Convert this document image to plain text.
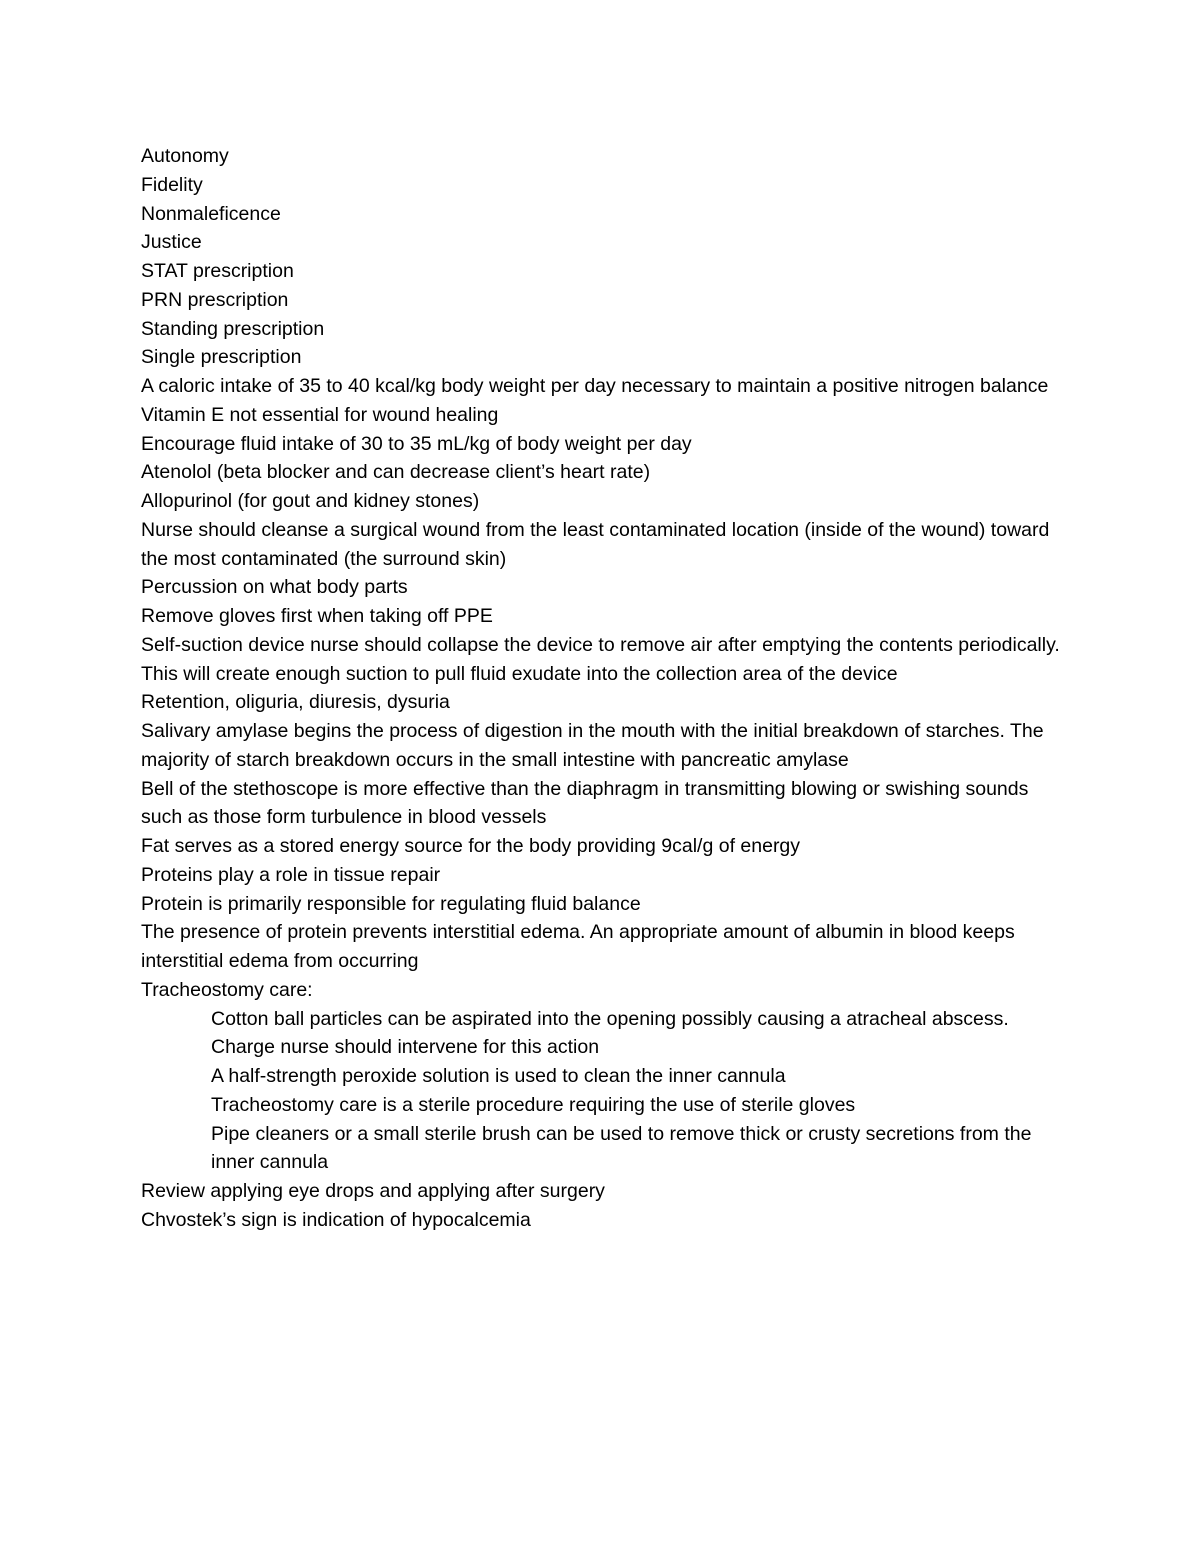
Autonomy
Fidelity
Nonmaleficence
Justice
STAT prescription
PRN prescription
Standing prescription
Single prescription
A caloric intake of 35 to 40 kcal/kg body weight per day necessary to maintain a positive nitrogen balance
Vitamin E not essential for wound healing
Encourage fluid intake of 30 to 35 mL/kg of body weight per day
Atenolol (beta blocker and can decrease client’s heart rate)
Allopurinol (for gout and kidney stones)
Nurse should cleanse a surgical wound from the least contaminated location (inside of the wound) toward the most contaminated (the surround skin)
Percussion on what body parts
Remove gloves first when taking off PPE
Self-suction device nurse should collapse the device to remove air after emptying the contents periodically. This will create enough suction to pull fluid exudate into the collection area of the device
Retention, oliguria, diuresis, dysuria
Salivary amylase begins the process of digestion in the mouth with the initial breakdown of starches. The majority of starch breakdown occurs in the small intestine with pancreatic amylase
Bell of the stethoscope is more effective than the diaphragm in transmitting blowing or swishing sounds such as those form turbulence in blood vessels
Fat serves as a stored energy source for the body providing 9cal/g of energy
Proteins play a role in tissue repair
Protein is primarily responsible for regulating fluid balance
The presence of protein prevents interstitial edema. An appropriate amount of albumin in blood keeps interstitial edema from occurring
Tracheostomy care:
Cotton ball particles can be aspirated into the opening possibly causing a atracheal abscess. Charge nurse should intervene for this action
A half-strength peroxide solution is used to clean the inner cannula
Tracheostomy care is a sterile procedure requiring the use of sterile gloves
Pipe cleaners or a small sterile brush can be used to remove thick or crusty secretions from the inner cannula
Review applying eye drops and applying after surgery
Chvostek’s sign is indication of hypocalcemia
